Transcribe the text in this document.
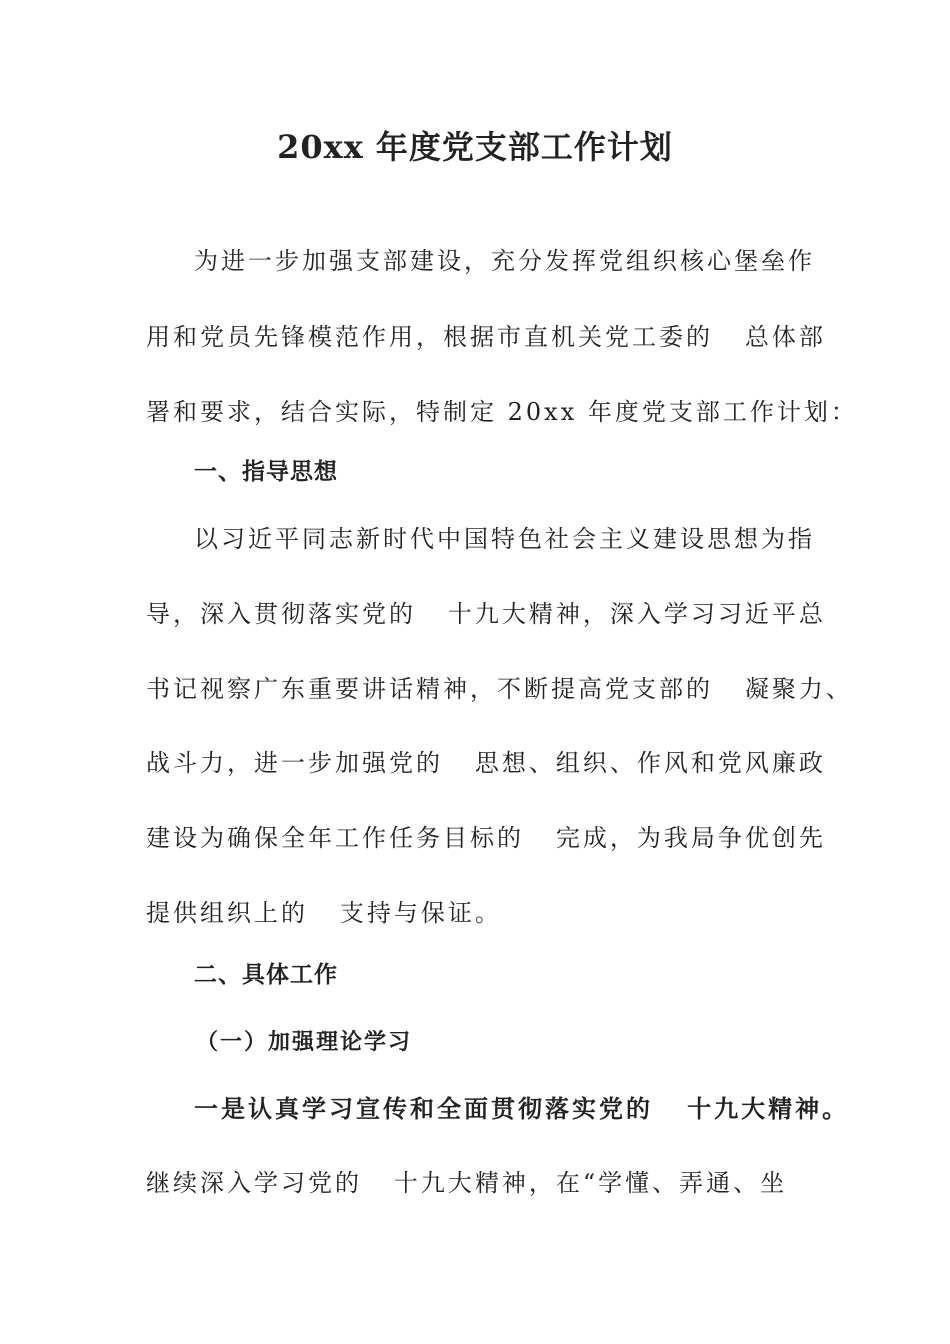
20xx 年度党支部工作计划
为进一步加强支部建设，充分发挥党组织核心堡垒作
用和党员先锋模范作用，根据市直机关党工委的   总体部
署和要求，结合实际，特制定 20xx 年度党支部工作计划：
一、指导思想
以习近平同志新时代中国特色社会主义建设思想为指
导，深入贯彻落实党的   十九大精神，深入学习习近平总
书记视察广东重要讲话精神，不断提高党支部的   凝聚力、
战斗力，进一步加强党的   思想、组织、作风和党风廉政
建设为确保全年工作任务目标的   完成，为我局争优创先
提供组织上的   支持与保证。
二、具体工作
（一）加强理论学习
一是认真学习宣传和全面贯彻落实党的   十九大精神。
继续深入学习党的   十九大精神，在“学懂、弄通、坐
